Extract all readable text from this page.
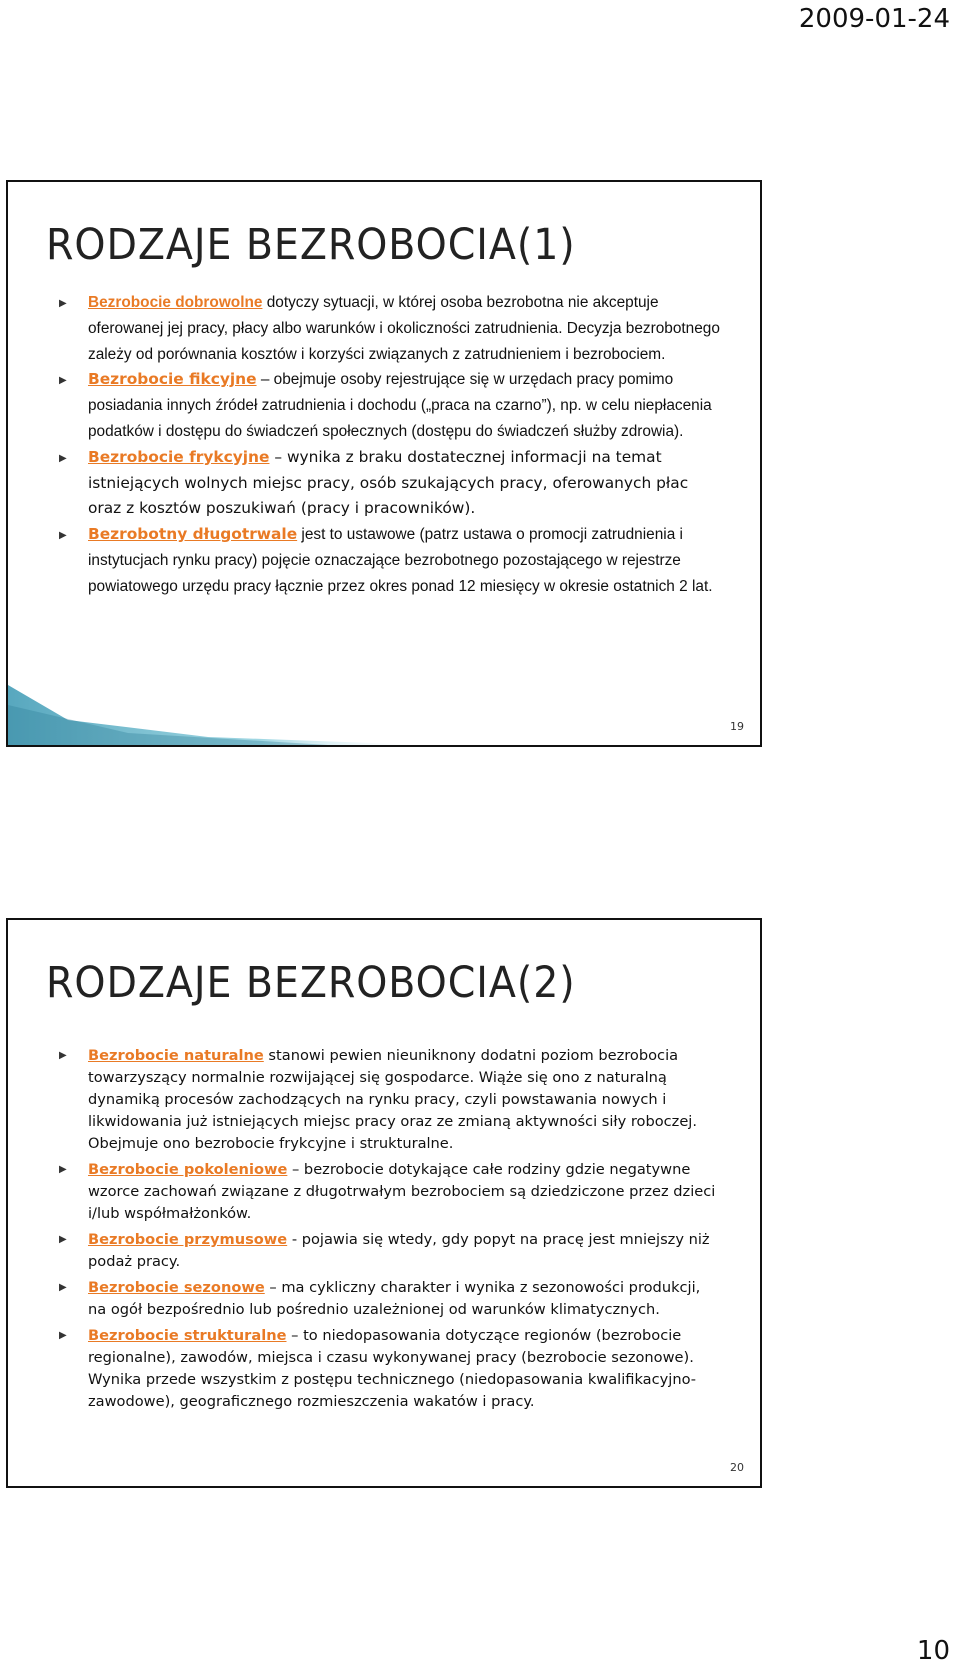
2009-01-24
RODZAJE BEZROBOCIA(1)
▶ Bezrobocie dobrowolne dotyczy sytuacji, w której osoba bezrobotna nie akceptuje oferowanej jej pracy, płacy albo warunków i okoliczności zatrudnienia. Decyzja bezrobotnego zależy od porównania kosztów i korzyści związanych z zatrudnieniem i bezrobociem.
▶ Bezrobocie fikcyjne – obejmuje osoby rejestrujące się w urzędach pracy pomimo posiadania innych źródeł zatrudnienia i dochodu („praca na czarno”), np. w celu niepłacenia podatków i dostępu do świadczeń społecznych (dostępu do świadczeń służby zdrowia).
▶ Bezrobocie frykcyjne – wynika z braku dostatecznej informacji na temat istniejących wolnych miejsc pracy, osób szukających pracy, oferowanych płac oraz z kosztów poszukiwań (pracy i pracowników).
▶ Bezrobotny długotrwale jest to ustawowe (patrz ustawa o promocji zatrudnienia i instytucjach rynku pracy) pojęcie oznaczające bezrobotnego pozostającego w rejestrze powiatowego urzędu pracy łącznie przez okres ponad 12 miesięcy w okresie ostatnich 2 lat.
19
RODZAJE BEZROBOCIA(2)
▶ Bezrobocie naturalne stanowi pewien nieuniknony dodatni poziom bezrobocia towarzyszący normalnie rozwijającej się gospodarce. Wiąże się ono z naturalną dynamiką procesów zachodzących na rynku pracy, czyli powstawania nowych i likwidowania już istniejących miejsc pracy oraz ze zmianą aktywności siły roboczej. Obejmuje ono bezrobocie frykcyjne i strukturalne.
▶ Bezrobocie pokoleniowe – bezrobocie dotykające całe rodziny gdzie negatywne wzorce zachowań związane z długotrwałym bezrobociem są dziedziczone przez dzieci i/lub współmałżonków.
▶ Bezrobocie przymusowe - pojawia się wtedy, gdy popyt na pracę jest mniejszy niż podaż pracy.
▶ Bezrobocie sezonowe – ma cykliczny charakter i wynika z sezonowości produkcji, na ogół bezpośrednio lub pośrednio uzależnionej od warunków klimatycznych.
▶ Bezrobocie strukturalne – to niedopasowania dotyczące regionów (bezrobocie regionalne), zawodów, miejsca i czasu wykonywanej pracy (bezrobocie sezonowe). Wynika przede wszystkim z postępu technicznego (niedopasowania kwalifikacyjno-zawodowe), geograficznego rozmieszczenia wakatów i pracy.
20
10
